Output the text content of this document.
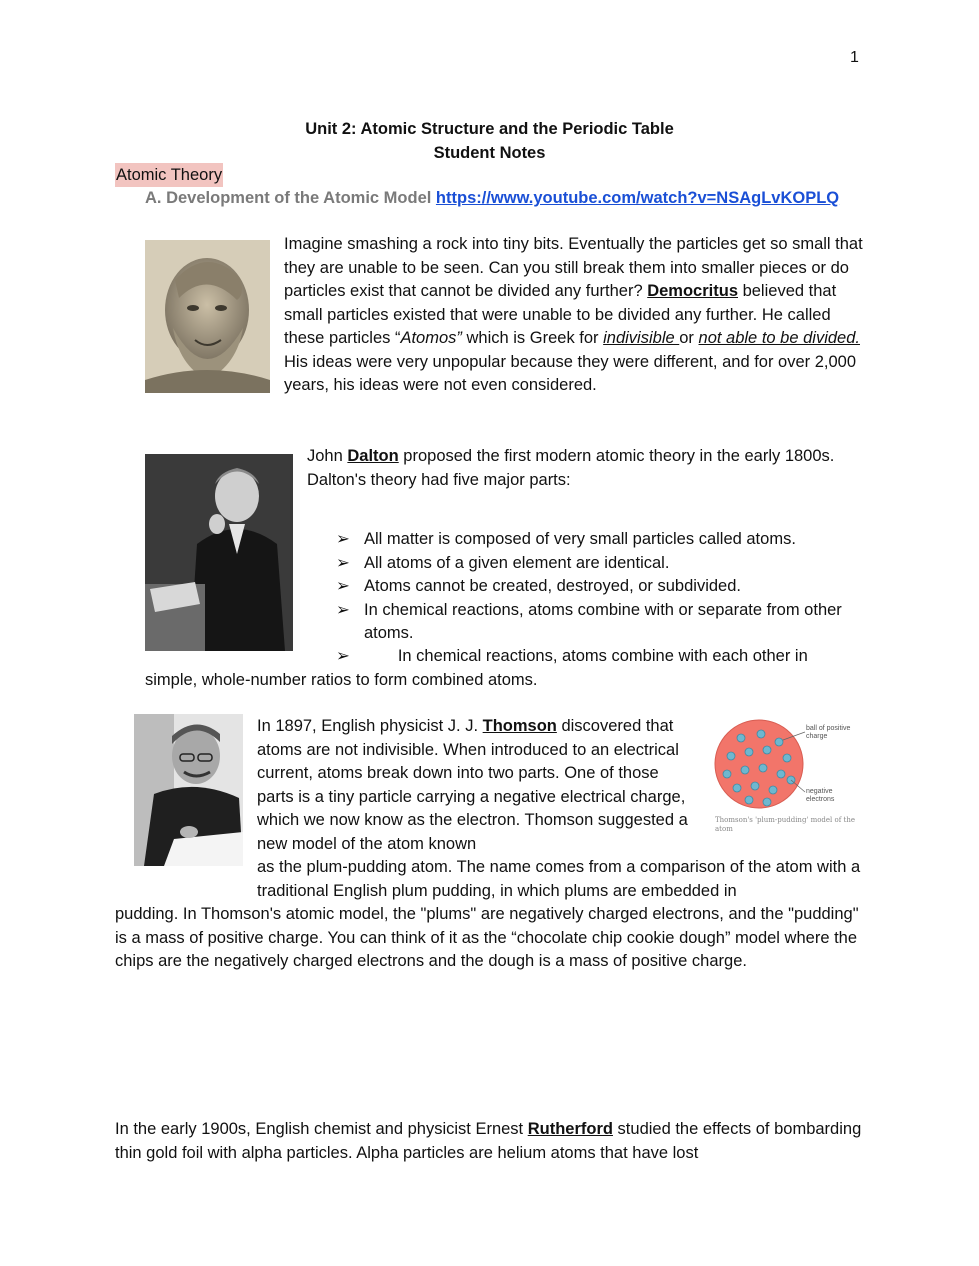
1
Unit 2: Atomic Structure and the Periodic Table
Student Notes
Atomic Theory
A. Development of the Atomic Model https://www.youtube.com/watch?v=NSAgLvKOPLQ

Imagine smashing a rock into tiny bits. Eventually the particles get so small that they are unable to be seen. Can you still break them into smaller pieces or do particles exist that cannot be divided any further? Democritus believed that small particles existed that were unable to be divided any further. He called these particles “Atomos” which is Greek for indivisible or not able to be divided. His ideas were very unpopular because they were different, and for over 2,000 years, his ideas were not even considered.

John Dalton proposed the first modern atomic theory in the early 1800s.

Dalton's theory had five major parts:

➢ All matter is composed of very small particles called atoms.
➢ All atoms of a given element are identical.
➢ Atoms cannot be created, destroyed, or subdivided.
➢ In chemical reactions, atoms combine with or separate from other atoms.
➢	In chemical reactions, atoms combine with each other in
simple, whole-number ratios to form combined atoms.

In 1897, English physicist J. J. Thomson discovered that atoms are not indivisible. When introduced to an electrical current, atoms break down into two parts. One of those parts is a tiny particle carrying a negative electrical charge, which we now know as the electron. Thomson suggested a new model of the atom known

ball of positive charge
negative electrons
Thomson's 'plum-pudding' model of the atom
as the plum-pudding atom. The name comes from a comparison of the atom with a traditional English plum pudding, in which plums are embedded in
pudding. In Thomson's atomic model, the "plums" are negatively charged electrons, and the "pudding" is a mass of positive charge. You can think of it as the “chocolate chip cookie dough” model where the chips are the negatively charged electrons and the dough is a mass of positive charge.

In the early 1900s, English chemist and physicist Ernest Rutherford studied the effects of bombarding thin gold foil with alpha particles. Alpha particles are helium atoms that have lost
